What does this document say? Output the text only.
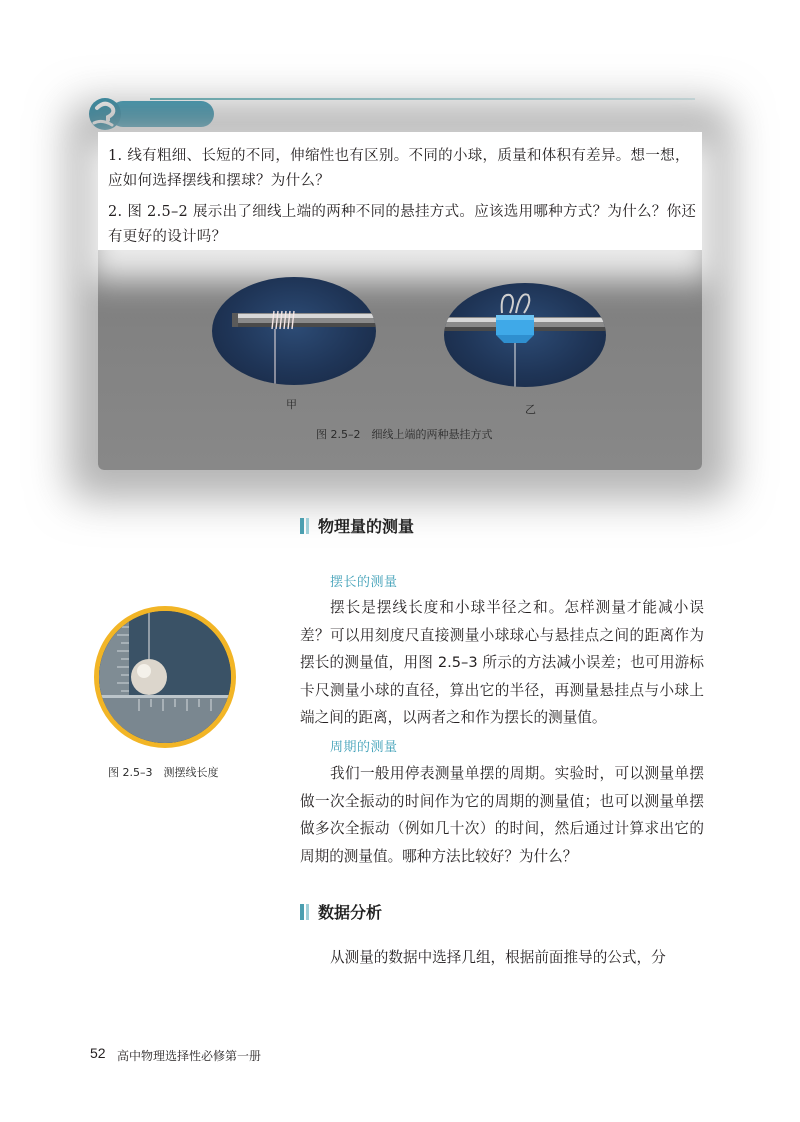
1. 线有粗细、长短的不同，伸缩性也有区别。不同的小球，质量和体积有差异。想一想，应如何选择摆线和摆球？为什么？
2. 图 2.5–2 展示出了细线上端的两种不同的悬挂方式。应该选用哪种方式？为什么？你还有更好的设计吗？
甲	乙
图 2.5–2　细线上端的两种悬挂方式
物理量的测量
摆长的测量
摆长是摆线长度和小球半径之和。怎样测量才能减小误差？可以用刻度尺直接测量小球球心与悬挂点之间的距离作为摆长的测量值，用图 2.5–3 所示的方法减小误差；也可用游标卡尺测量小球的直径，算出它的半径，再测量悬挂点与小球上端之间的距离，以两者之和作为摆长的测量值。
周期的测量
我们一般用停表测量单摆的周期。实验时，可以测量单摆做一次全振动的时间作为它的周期的测量值；也可以测量单摆做多次全振动（例如几十次）的时间，然后通过计算求出它的周期的测量值。哪种方法比较好？为什么？
图 2.5–3　测摆线长度
数据分析
从测量的数据中选择几组，根据前面推导的公式，分
52 高中物理选择性必修第一册
